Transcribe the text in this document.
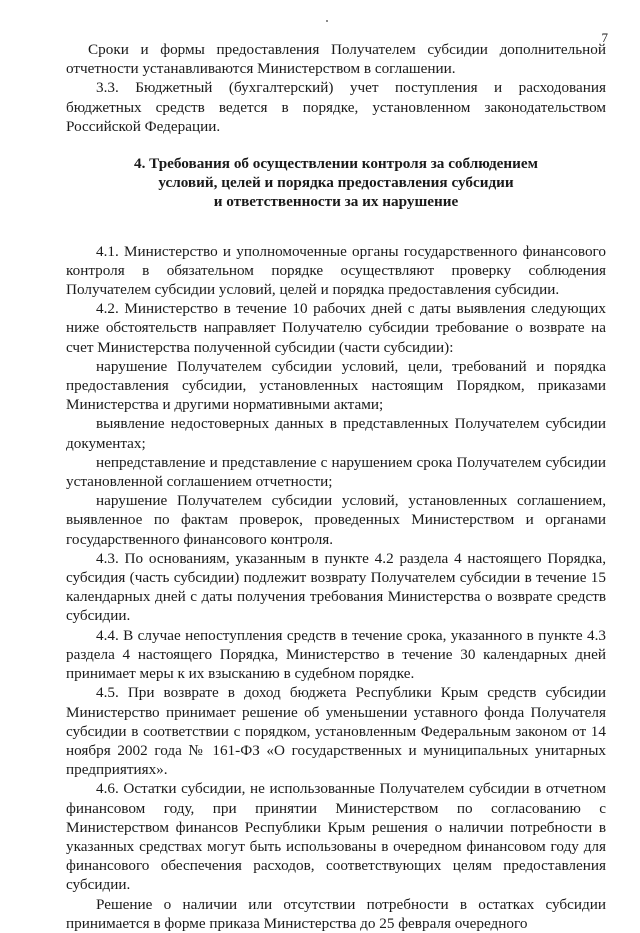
7

Сроки и формы предоставления Получателем субсидии дополнительной отчетности устанавливаются Министерством в соглашении.

3.3. Бюджетный (бухгалтерский) учет поступления и расходования бюджетных средств ведется в порядке, установленном законодательством Российской Федерации.

4. Требования об осуществлении контроля за соблюдением
условий, целей и порядка предоставления субсидии
и ответственности за их нарушение

4.1. Министерство и уполномоченные органы государственного финансового контроля в обязательном порядке осуществляют проверку соблюдения Получателем субсидии условий, целей и порядка предоставления субсидии.

4.2. Министерство в течение 10 рабочих дней с даты выявления следующих ниже обстоятельств направляет Получателю субсидии требование о возврате на счет Министерства полученной субсидии (части субсидии):

нарушение Получателем субсидии условий, цели, требований и порядка предоставления субсидии, установленных настоящим Порядком, приказами Министерства и другими нормативными актами;

выявление недостоверных данных в представленных Получателем субсидии документах;

непредставление и представление с нарушением срока Получателем субсидии установленной соглашением отчетности;

нарушение Получателем субсидии условий, установленных соглашением, выявленное по фактам проверок, проведенных Министерством и органами государственного финансового контроля.

4.3. По основаниям, указанным в пункте 4.2 раздела 4 настоящего Порядка, субсидия (часть субсидии) подлежит возврату Получателем субсидии в течение 15 календарных дней с даты получения требования Министерства о возврате средств субсидии.

4.4. В случае непоступления средств в течение срока, указанного в пункте 4.3 раздела 4 настоящего Порядка, Министерство в течение 30 календарных дней принимает меры к их взысканию в судебном порядке.

4.5. При возврате в доход бюджета Республики Крым средств субсидии Министерство принимает решение об уменьшении уставного фонда Получателя субсидии в соответствии с порядком, установленным Федеральным законом от 14 ноября 2002 года № 161-ФЗ «О государственных и муниципальных унитарных предприятиях».

4.6. Остатки субсидии, не использованные Получателем субсидии в отчетном финансовом году, при принятии Министерством по согласованию с Министерством финансов Республики Крым решения о наличии потребности в указанных средствах могут быть использованы в очередном финансовом году для финансового обеспечения расходов, соответствующих целям предоставления субсидии.

Решение о наличии или отсутствии потребности в остатках субсидии принимается в форме приказа Министерства до 25 февраля очередного
